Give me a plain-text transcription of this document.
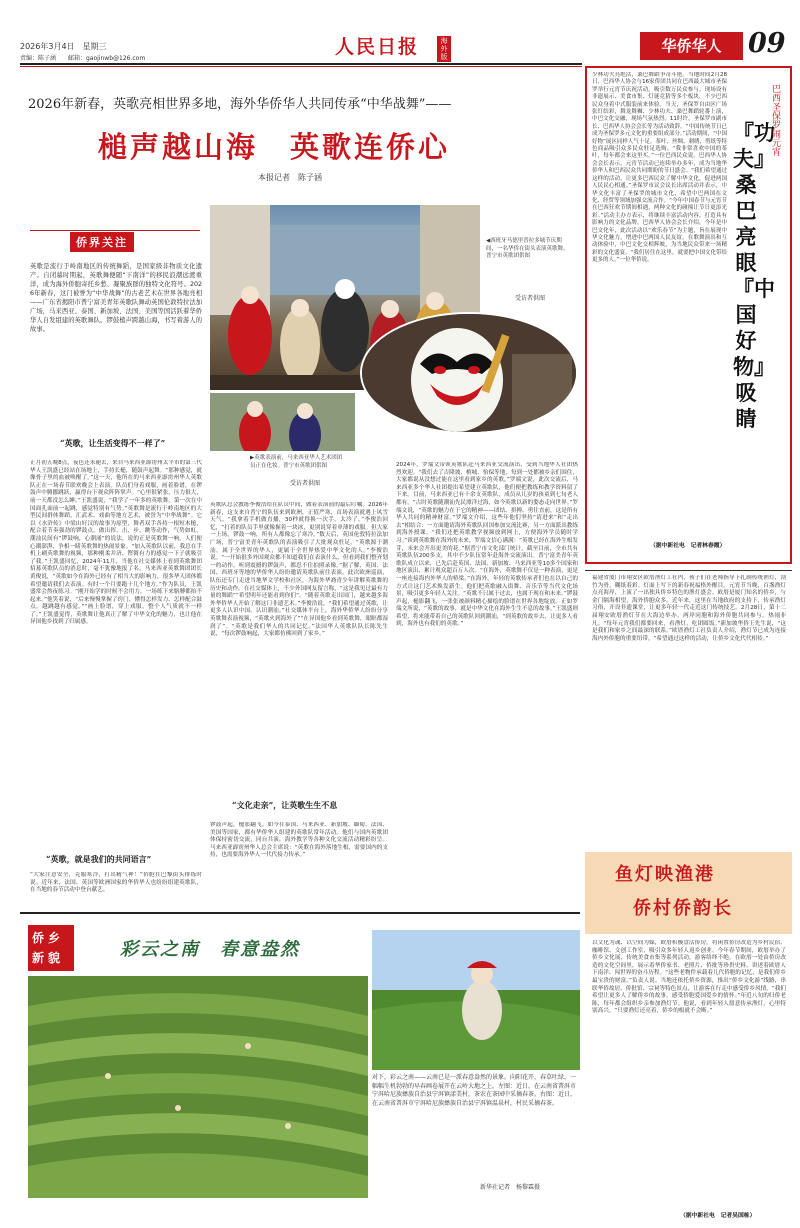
2026年3月4日　星期三
责编：陈子涵　　邮箱：gaojinwb@126.com
人民日报	海外版
华侨华人 09
2026年新春，英歌亮相世界多地，海外华侨华人共同传承“中华战舞”——
槌声越山海　英歌连侨心
本报记者　陈子涵
侨界关注
英歌是流行于岭南地区的传统舞蹈，是国家级非物质文化遗产。自闭幕时期起，英歌舞便随“下南洋”的移民浪潮远渡重洋，成为海外侨胞寄托乡愁、凝聚族群的独特文化符号。2026年新春，这门被誉为“中华战舞”的古老艺术在世界各地亮相——广东省揭阳市普宁富美青年英歌队舞动英国伦敦特拉法加广场，马来西亚、泰国、新加坡、法国、美国等国活跃着华侨华人自发组建的英歌舞队。锣鼓槌声跨越山海，书写着游人的故事。
◀西班牙马德里普拉多城节庆期间，一名华侨在街头表演英歌舞。普宁市英歌团供图
受访者供图
▶英歌表演前，马来西亚华人艺术团团员正在化妆。普宁市英歌团供图
受访者供图
“英歌，让生活变得不一样了”
正月初五晚8点，夜色还未褪去，来自马来西亚霹雳州太平市的第三代华人王凯盛已经站在场地上，手持长槌，随鼓声起舞。“那种感觉，就像骨子里的血被唤醒了。”这一天，他所在的马来西亚霹雳州华人英歌队正在一场春节联欢晚会上表演。队员们身着戏服，画着脸谱，在锣鼓声中腾挪跳跃，赢得台下观众阵阵掌声。“心里很紧张，压力很大，前一天都没怎么睡。”王凯盛说，“我学了一年多的英歌舞，第一次在中国面孔面前一起跳，感觉特别有气势。”英歌舞是流行于岭南地区的大型民间群体舞蹈，汇武术、戏曲等地方艺术，被誉为“中华战舞”。它以《水浒传》中梁山好汉的故事为原型，舞者双手各持一根短木槌，配合着节奏强劲的锣鼓点，做出挥、击、步、跳等动作，气势如虹。潮汕民间有“锣鼓响，心潮涌”的说法，说的正是英歌舞一响，人们便心潮澎湃，争相一睹英歌舞的热闹景象。“加入英歌队以前，我总在手机上刷英歌舞的视频，那种刚柔并济、铿锵有力的感觉一下子就吸引了我。”王凯盛回忆，2024年11月，当他在社交媒体上看到英歌舞团招募英歌队员的消息时，毫不犹豫地报了名。马来西亚英歌舞团团长黄俊说，“英歌如今在海外已经有了相当大的影响力，很多华人团体都希望邀请我们去表演。有时一个月要跑十几个地方。”作为队员，王凯盛常会熬夜练习。“刚开始学的时候不会用力，一场练下来胳膊都抬不起来。”他笑着说，“后来慢慢掌握了窍门，懂得怎样发力、怎样配合鼓点，越跳越有感觉。”“画上脸谱，穿上戏服，整个人气质就不一样了。”王凯盛觉得，英歌舞让他真正了解了中华文化的魅力，也让他在异国他乡找到了归属感。
“英歌，就是我们的共同语言”
“大家注意安全，克服寒冷，打出精气神！”侨胞在巴黎街头排练时说。近年来，法国、英国等欧洲国家的华侨华人也纷纷组建英歌队，在当地的春节活动中登台献艺。
英歌队总会教练李俊浩给在队员中间，做着表演前的最后叮嘱。2026年新春，这支来自普宁的队伍来到欧洲，正值严寒，首场表演就遇上风雪天气。“我拿着手机做直播，30秒就得换一次手，太冷了。”李俊浩回忆，“打着的队员手里就像握着一块冰，更别说穿着单薄的戏服。但大家一上场，锣鼓一响，所有人都像忘了寒冷。”数天后，英国伦敦特拉法加广场，普宁富美青年英歌队的表演吸引了大批观众驻足。“英歌源于潮汕，属于全世界的华人，更属于全世界热爱中华文化的人。”李俊浩说。“一开始很多外国观众都不知道我们在表演什么，但看到我们整齐划一的动作、听到震撼的锣鼓声，都忍不住拍照录像。”据了解，英国、法国、西班牙等地的华侨华人纷纷邀请英歌队前往表演。此次欧洲巡演，队伍还专门走进当地华文学校和社区，为海外华裔青少年讲解英歌舞的历史和动作。在社交媒体上，不少外国网友留言称，“这是我见过最有力量的舞蹈”“希望明年还能看到你们”。“随着英歌走出国门，越来越多海外华侨华人开始了解这门非遗艺术。”李俊浩说，“我们希望通过英歌，让更多人认识中国、认识潮汕。”社交媒体平台上，海外华侨华人纷纷分享英歌舞表演视频，“英歌火到海外了”“在异国他乡看到英歌舞，眼眶都湿润了”。“英歌是我们华人的共同记忆。”法国华人英歌队队长陈先生说，“每次锣鼓响起，大家都仿佛回到了家乡。”
“文化走亲”，让英歌生生不息
锣鼓声起，槌影翻飞。如今在泰国、马来西亚、新加坡、缅甸、法国、美国等国家，都有华侨华人组建的英歌队常年活动。他们与国内英歌团体保持密切交流，同台共演，海外教学等各种文化交流活动精彩纷呈。马来西亚霹雳州华人总会主席说：“英歌在海外落地生根，需要国内的支持，也需要海外华人一代代接力传承。”
2024年，罗端文带领英歌队赴马来西亚交流演出，受到当地华人社团热烈欢迎。“我们去了吉隆坡、槟城、怡保等地，每到一处都被乡亲们围住，大家都说从没想过能在这里看到家乡的英歌。”罗端文说，此次交流后，马来西亚多个华人社团提出希望建立英歌队，他们便把教练和教学资料留了下来。目前，马来西亚已有十余支英歌队，成员从几岁的孩童到七旬老人都有。“古时英歌随潮汕先民漂洋过海，如今英歌以新的姿态走向世界。”罗端文说，“英歌的魅力在于它的精神——团结、拼搏、勇往直前，这是所有华人共同的精神财富。”罗端文介绍，这些年他们坚持“请进来”和“走出去”相结合：一方面邀请海外英歌队回国参加交流比赛，另一方面派出教练到海外授课。“我们还把英歌教学视频放到网上，方便海外学员随时学习。”谈到英歌舞在海外的未来，罗端文信心满满：“英歌已经在海外生根发芽，未来会开出更美的花。”据普宁市文化部门统计，截至目前，全市共有英歌队伍200多支，其中不少队伍常年赴海外交流演出。普宁富美青年英歌队成立以来，已先后赴英国、法国、新加坡、马来西亚等10多个国家和地区演出，累计观众超百万人次。“在海外，英歌舞不仅是一种表演，更是一座连接海内外华人的桥梁。”在海外，年轻的英歌传承者们也在以自己的方式让这门艺术焕发新生。他们把英歌融入街舞、音乐节等当代文化场景，吸引更多年轻人关注。“英歌不只属于过去，也属于现在和未来。”锣鼓声起，槌影翻飞，一张张被颜料精心描绘的脸谱在世界各地绽放。正如罗端文所说，“英歌的故事，就是中华文化在海外生生不息的故事。”王凯盛则希望，将来能带着自己的英歌队回到潮汕，“到英歌的故乡去，让更多人看到，海外也有我们的英歌。”
少林功夫亮绝活，桑巴舞蹈争奇斗艳。当地时间2月28日，巴西华人协会与16家侨团共同在巴西最大城市圣保罗举行元宵节庆祝活动，吸引数万民众参与。现场设有非遗展示、美食市集、灯谜竞猜等多个板块，不少巴西民众身着中式服装前来体验。当天，圣保罗自由区广场张灯结彩，舞龙舞狮、少林功夫、桑巴舞蹈轮番上演，中巴文化交融，现场气氛热烈。11时许，圣保罗市副市长、巴西华人协会会长等为活动致辞。“中国传统节日已成为圣保罗多元文化的重要组成部分。”活动期间，“中国好物”展区同样人气十足。茶叶、丝绸、刺绣、剪纸等特色商品吸引众多民众驻足选购。“我非常喜欢中国的茶叶，每年都会来这里买。”一位巴西民众说。巴西华人协会会长表示，元宵节活动已连续举办多年，成为当地华侨华人和巴西民众共同期盼的节日盛会。“我们希望通过这样的活动，让更多巴西民众了解中华文化，促进两国人民民心相通。”圣保罗市议会议长出席活动并表示，中华文化丰富了圣保罗的城市文化，希望中巴两国在文化、经贸等领域加强交流合作。“今年中国春节与元宵节在巴西狂欢节期间相遇，两种文化的碰撞让节日更添光彩。”活动主办方表示，将继续丰富活动内容，打造具有影响力的文化品牌。巴西华人协会会长介绍，今年是中巴文化年，此次活动以“欢乐春节”为主题，旨在展现中华文化魅力，增进中巴两国人民友谊。在歌舞演出和互动体验中，中巴文化交相辉映，为当地民众带来一场精彩的文化盛宴。“我们居住在这里，就要把中国文化带给更多的人。”一位华侨说。
『功夫』桑巴亮眼　『中国好物』吸睛
巴西圣保罗闹元宵
（据中新社电　记者林春霞）
福建省厦门市翔安区欧厝渔灯工社内，孩子们在老师指导下扎制传统渔灯，剖竹为骨，糊纸着彩。灯面上写下的新春祝福格外醒目。元宵节当晚，百盏渔灯点亮海岸，上演了一出独具侨乡特色的渔灯盛会。欧厝是厦门知名的侨乡，与金门隔海相望，海外侨胞众多。近年来，这里在当地政府的支持下，传承渔灯习俗，开设非遗课堂，让更多年轻一代走近这门传统技艺。2月28日，第十二届翔安欧厝渔灯节在大海边举办，两岸同胞和海外侨胞共同参与，热闹非凡。“每年元宵我们都要回来，看渔灯，吃团圆饭。”新加坡华侨王先生说，“这是我们和家乡之间最深的联系。”欧厝渔灯工社负责人介绍，渔灯节已成为连接海内外侨胞的重要纽带，“希望通过这样的活动，让侨乡文化代代相传。”
鱼灯映渔港
侨村侨韵长
以文化为魂、以空间为媒，欧厝积极盘活侨房，将闲置侨房改造为乡村民宿、咖啡馆、文创工作室，吸引众多年轻人返乡创业。今年春节期间，欧厝举办了侨乡文化展、传统美食市集等系列活动，游客络绎不绝。在欧厝一处由侨房改造的文化空间里，展示着华侨家书、老照片、侨批等珍贵史料，讲述着欧厝人下南洋、闯世界的奋斗历程。“这些老物件承载着几代侨胞的记忆，是我们侨乡最宝贵的财富。”负责人说。当地还依托侨乡资源，推出“侨乡文化游”线路，串联华侨故居、侨批馆、宗祠等特色景点，让游客在行走中感受侨乡风情。“我们希望让更多人了解侨乡的故事，感受侨胞爱国爱乡的情怀。”年近八旬的归侨老陈，每年都会组织乡亲参加渔灯节。他说，看到年轻人愿意传承渔灯，心里特别高兴。“只要渔灯还亮着，侨乡的根就不会断。”
（据中新社电　记者吴国栋）
侨乡
新貌	彩云之南　春意盎然
对下，彩云之南——云南已是一派春意盎然的景象。向阳花开，春草吐绿，一幅幅生机勃勃的早春画卷展开在云岭大地之上。左图：近日，在云南省普洱市宁洱哈尼族彝族自治县宁洱镇漾美村，茶农在茶园中采摘春茶。右图：近日，在云南省普洱市宁洱哈尼族彝族自治县宁洱镇温泉村，村民采摘春茶。
新华社记者　杨黎霖摄
